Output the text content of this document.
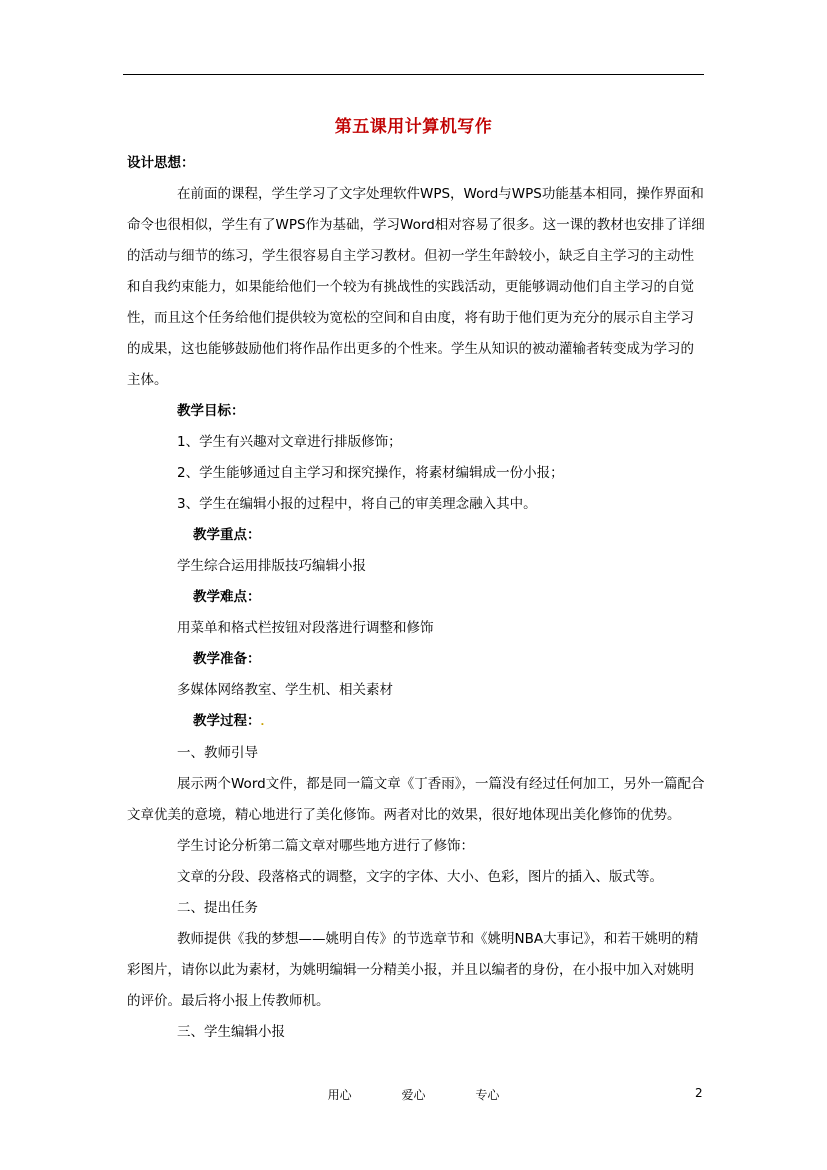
第五课用计算机写作

设计思想：

在前面的课程，学生学习了文字处理软件WPS，Word与WPS功能基本相同，操作界面和命令也很相似，学生有了WPS作为基础，学习Word相对容易了很多。这一课的教材也安排了详细的活动与细节的练习，学生很容易自主学习教材。但初一学生年龄较小，缺乏自主学习的主动性和自我约束能力，如果能给他们一个较为有挑战性的实践活动，更能够调动他们自主学习的自觉性，而且这个任务给他们提供较为宽松的空间和自由度，将有助于他们更为充分的展示自主学习的成果，这也能够鼓励他们将作品作出更多的个性来。学生从知识的被动灌输者转变成为学习的主体。

教学目标：

1、学生有兴趣对文章进行排版修饰；

2、学生能够通过自主学习和探究操作，将素材编辑成一份小报；

3、学生在编辑小报的过程中，将自己的审美理念融入其中。

教学重点：

学生综合运用排版技巧编辑小报

教学难点：

用菜单和格式栏按钮对段落进行调整和修饰

教学准备：

多媒体网络教室、学生机、相关素材

教学过程：.

一、教师引导

展示两个Word文件，都是同一篇文章《丁香雨》，一篇没有经过任何加工，另外一篇配合文章优美的意境，精心地进行了美化修饰。两者对比的效果，很好地体现出美化修饰的优势。

学生讨论分析第二篇文章对哪些地方进行了修饰：

文章的分段、段落格式的调整，文字的字体、大小、色彩，图片的插入、版式等。

二、提出任务

教师提供《我的梦想——姚明自传》的节选章节和《姚明NBA大事记》，和若干姚明的精彩图片，请你以此为素材，为姚明编辑一分精美小报，并且以编者的身份，在小报中加入对姚明的评价。最后将小报上传教师机。

三、学生编辑小报

用心	爱心	专心	2
